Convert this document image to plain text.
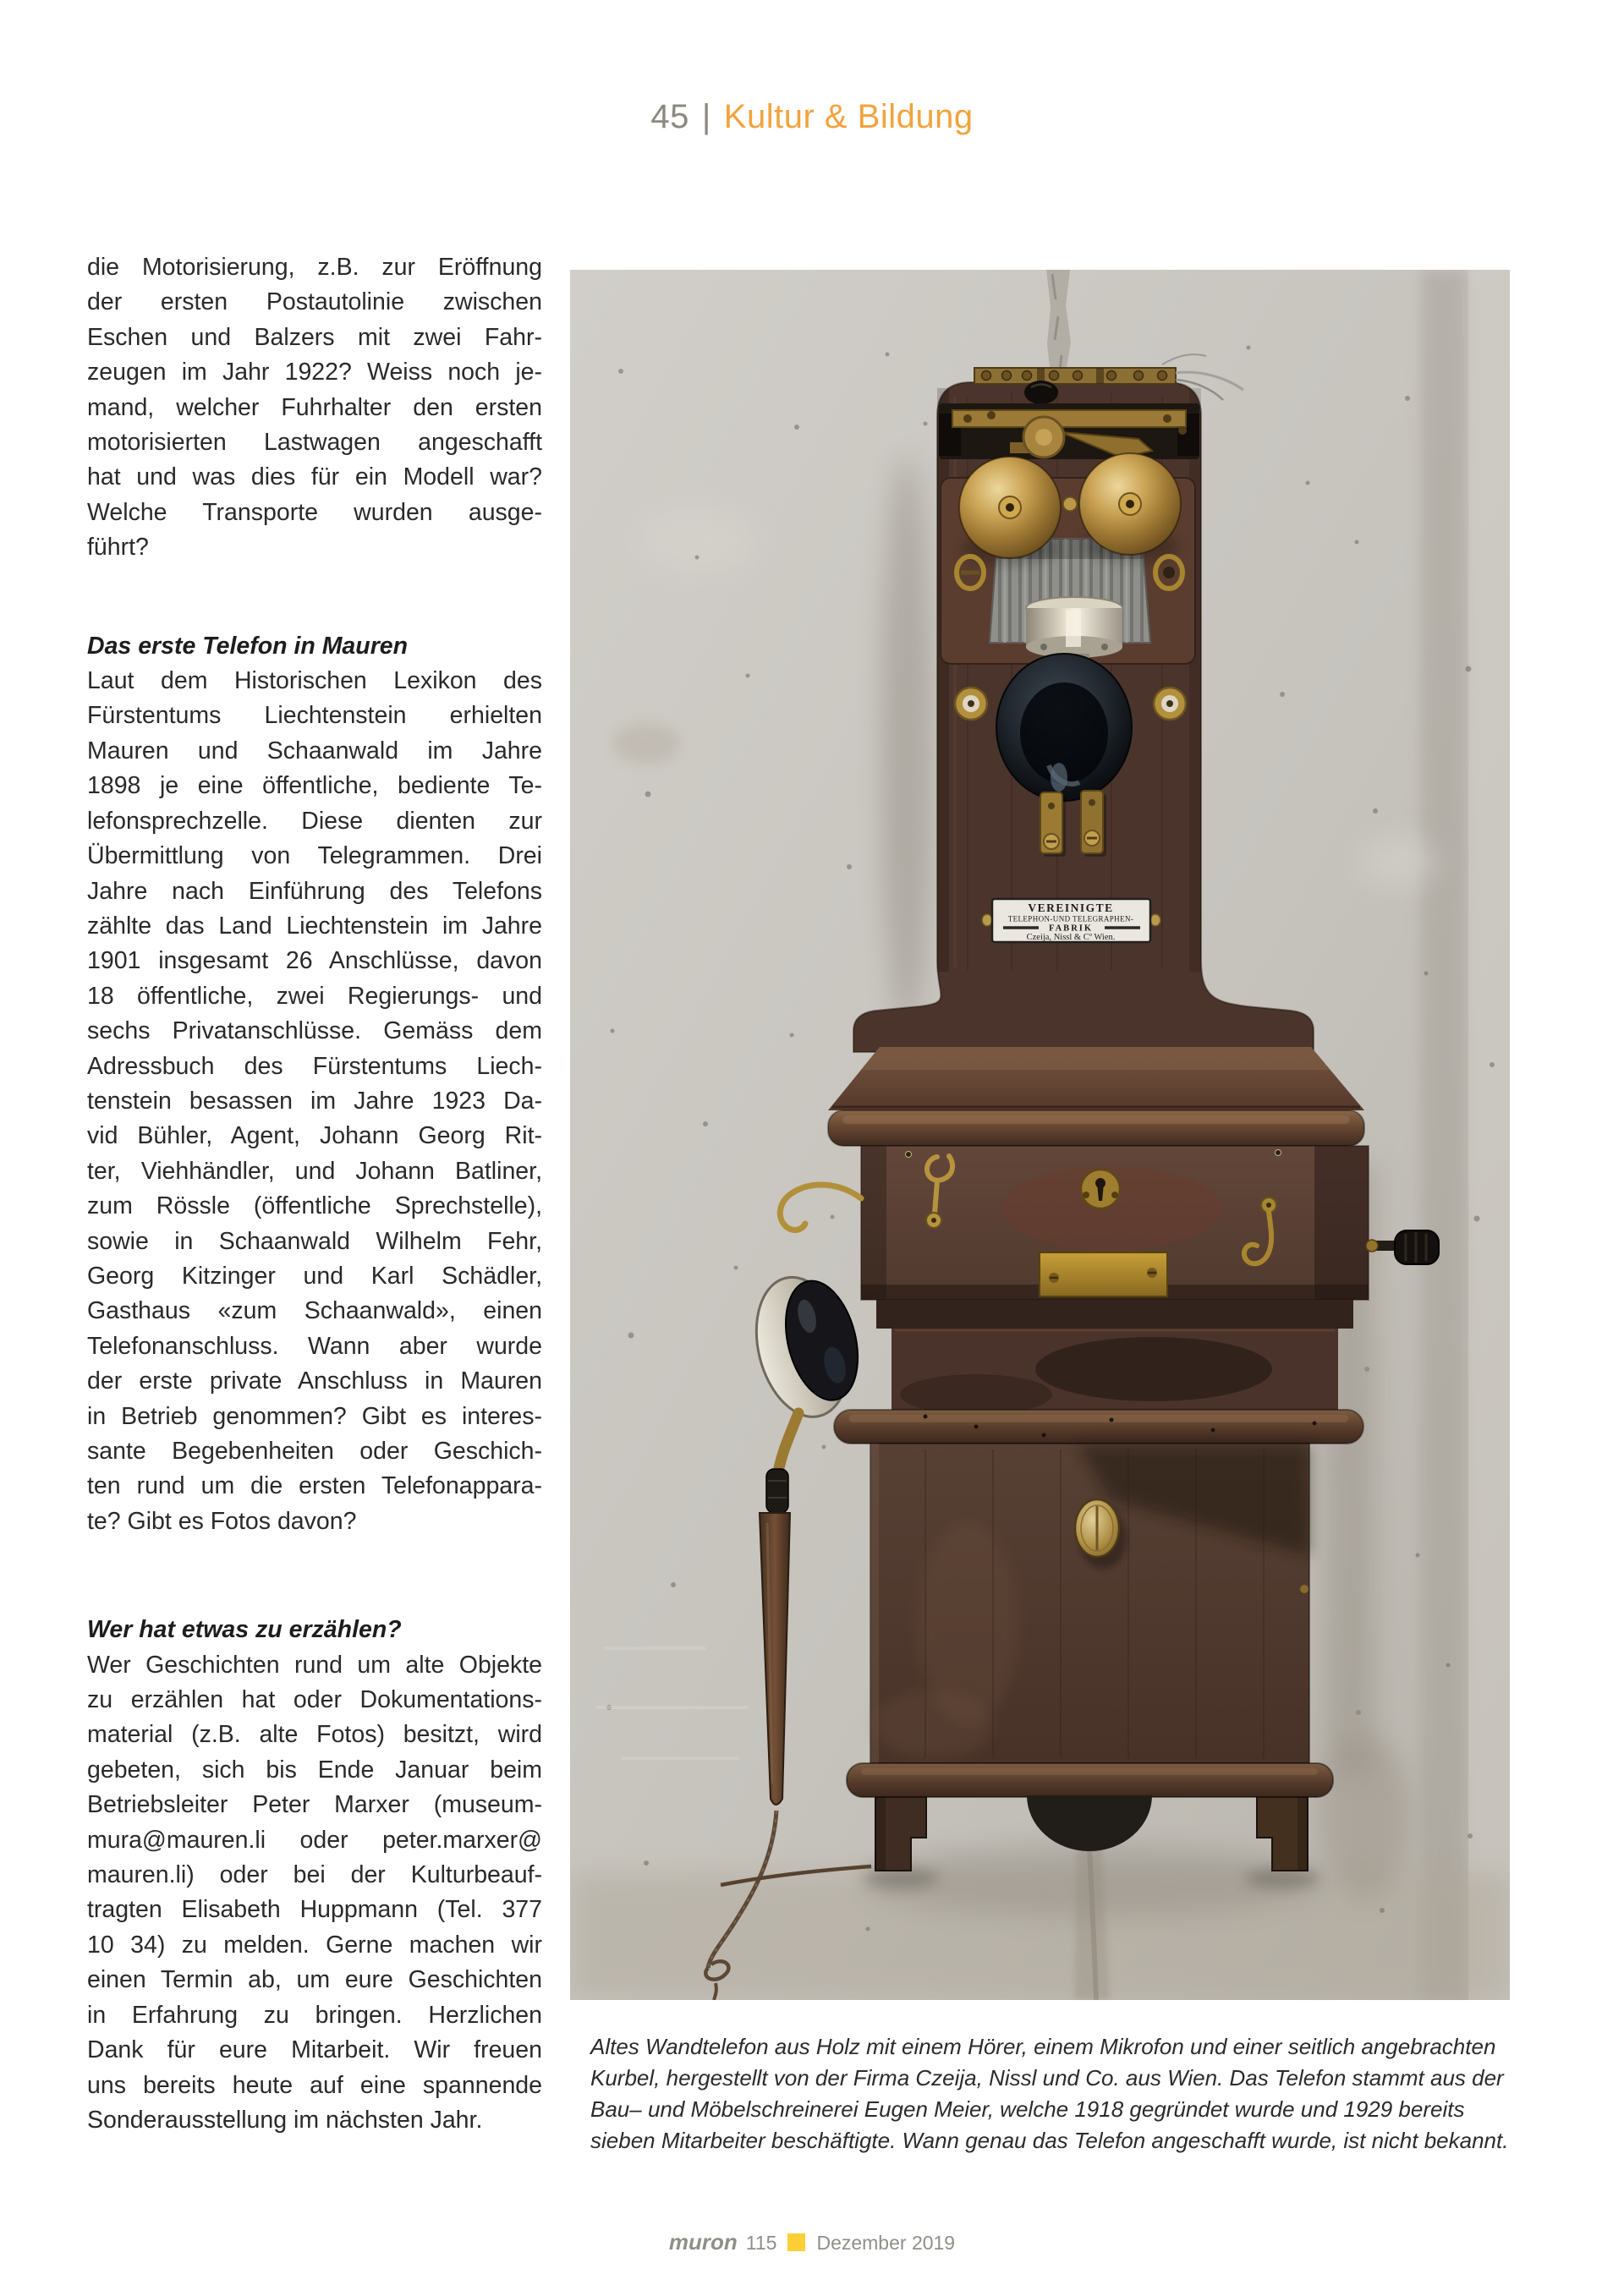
45 | Kultur & Bildung
die Motorisierung, z.B. zur Eröffnung
der ersten Postautolinie zwischen
Eschen und Balzers mit zwei Fahr-
zeugen im Jahr 1922? Weiss noch je-
mand, welcher Fuhrhalter den ersten
motorisierten Lastwagen angeschafft
hat und was dies für ein Modell war?
Welche Transporte wurden ausge-
führt?
Das erste Telefon in Mauren
Laut dem Historischen Lexikon des
Fürstentums Liechtenstein erhielten
Mauren und Schaanwald im Jahre
1898 je eine öffentliche, bediente Te-
lefonsprechzelle. Diese dienten zur
Übermittlung von Telegrammen. Drei
Jahre nach Einführung des Telefons
zählte das Land Liechtenstein im Jahre
1901 insgesamt 26 Anschlüsse, davon
18 öffentliche, zwei Regierungs- und
sechs Privatanschlüsse. Gemäss dem
Adressbuch des Fürstentums Liech-
tenstein besassen im Jahre 1923 Da-
vid Bühler, Agent, Johann Georg Rit-
ter, Viehhändler, und Johann Batliner,
zum Rössle (öffentliche Sprechstelle),
sowie in Schaanwald Wilhelm Fehr,
Georg Kitzinger und Karl Schädler,
Gasthaus «zum Schaanwald», einen
Telefonanschluss. Wann aber wurde
der erste private Anschluss in Mauren
in Betrieb genommen? Gibt es interes-
sante Begebenheiten oder Geschich-
ten rund um die ersten Telefonappara-
te? Gibt es Fotos davon?
Wer hat etwas zu erzählen?
Wer Geschichten rund um alte Objekte
zu erzählen hat oder Dokumentations-
material (z.B. alte Fotos) besitzt, wird
gebeten, sich bis Ende Januar beim
Betriebsleiter Peter Marxer (museum-
mura@mauren.li oder peter.marxer@
mauren.li) oder bei der Kulturbeauf-
tragten Elisabeth Huppmann (Tel. 377
10 34) zu melden. Gerne machen wir
einen Termin ab, um eure Geschichten
in Erfahrung zu bringen. Herzlichen
Dank für eure Mitarbeit. Wir freuen
uns bereits heute auf eine spannende
Sonderausstellung im nächsten Jahr.
VEREINIGTE
TELEPHON-UND TELEGRAPHEN-
FABRIK
Czeija, Nissl & Cº Wien.
Altes Wandtelefon aus Holz mit einem Hörer, einem Mikrofon und einer seitlich angebrachten
Kurbel, hergestellt von der Firma Czeija, Nissl und Co. aus Wien. Das Telefon stammt aus der
Bau– und Möbelschreinerei Eugen Meier, welche 1918 gegründet wurde und 1929 bereits
sieben Mitarbeiter beschäftigte. Wann genau das Telefon angeschafft wurde, ist nicht bekannt.
muron 115 Dezember 2019
